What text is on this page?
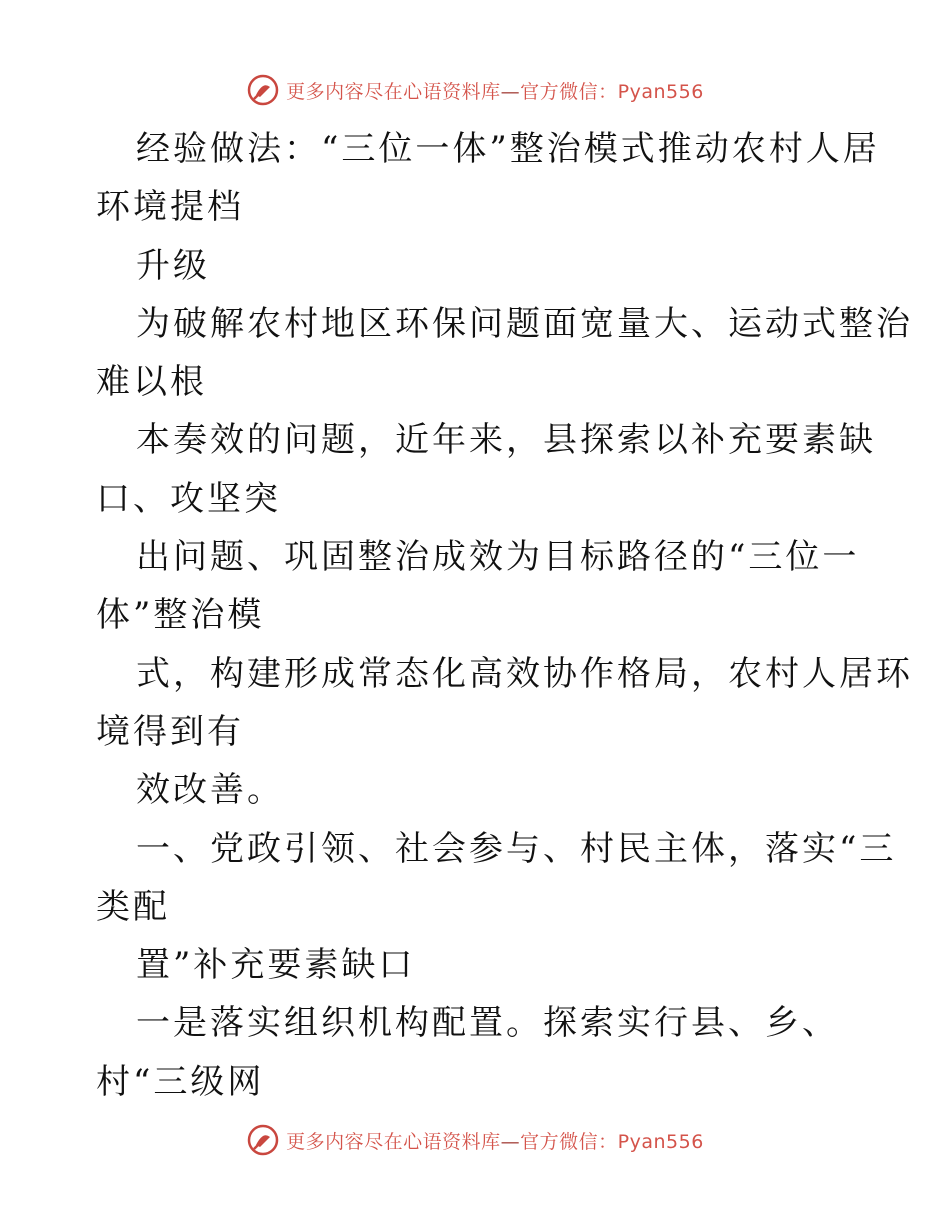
更多内容尽在心语资料库—官方微信：Pyan556
经验做法：“三位一体”整治模式推动农村人居
环境提档
升级
为破解农村地区环保问题面宽量大、运动式整治
难以根
本奏效的问题，近年来，县探索以补充要素缺
口、攻坚突
出问题、巩固整治成效为目标路径的“三位一
体”整治模
式，构建形成常态化高效协作格局，农村人居环
境得到有
效改善。
一、党政引领、社会参与、村民主体，落实“三
类配
置”补充要素缺口
一是落实组织机构配置。探索实行县、乡、
村“三级网
更多内容尽在心语资料库—官方微信：Pyan556
